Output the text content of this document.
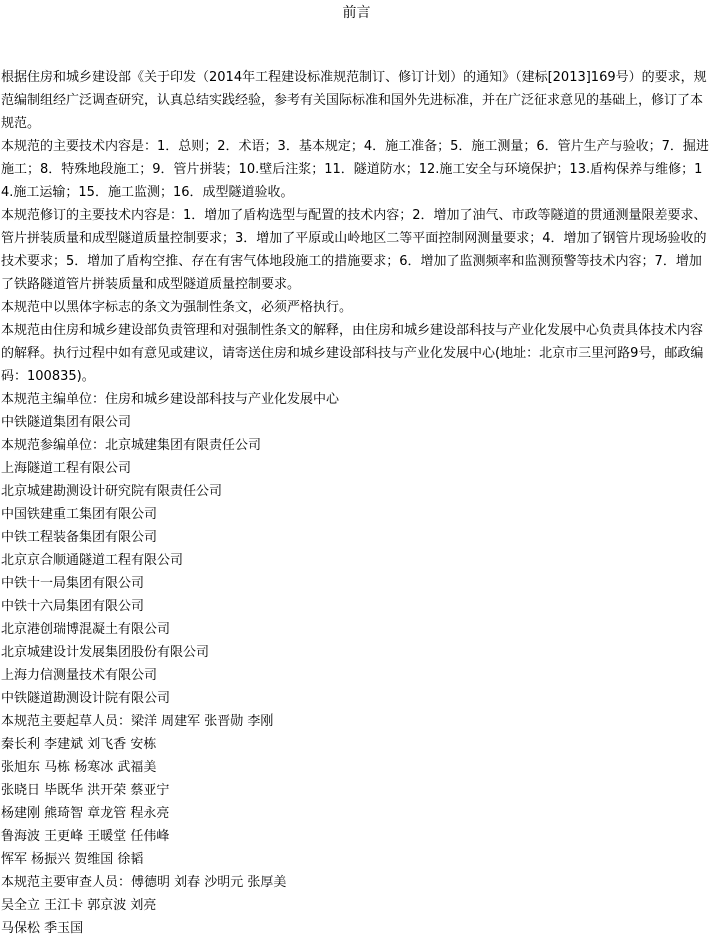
前言

根据住房和城乡建设部《关于印发（2014年工程建设标准规范制订、修订计划）的通知》（建标[2013]169号）的要求，规范编制组经广泛调查研究，认真总结实践经验，参考有关国际标准和国外先进标准，并在广泛征求意见的基础上，修订了本规范。

本规范的主要技术内容是：1．总则；2．术语；3．基本规定；4．施工准备；5．施工测量；6．管片生产与验收；7．掘进施工；8．特殊地段施工；9．管片拼装；10.壁后注浆；11．隧道防水；12.施工安全与环境保护；13.盾构保养与维修；14.施工运输；15．施工监测；16．成型隧道验收。

本规范修订的主要技术内容是：1．增加了盾构选型与配置的技术内容；2．增加了油气、市政等隧道的贯通测量限差要求、管片拼装质量和成型隧道质量控制要求；3．增加了平原或山岭地区二等平面控制网测量要求；4．增加了钢管片现场验收的技术要求；5．增加了盾构空推、存在有害气体地段施工的措施要求；6．增加了监测频率和监测预警等技术内容；7．增加了铁路隧道管片拼装质量和成型隧道质量控制要求。

本规范中以黑体字标志的条文为强制性条文，必须严格执行。

本规范由住房和城乡建设部负责管理和对强制性条文的解释，由住房和城乡建设部科技与产业化发展中心负责具体技术内容的解释。执行过程中如有意见或建议，请寄送住房和城乡建设部科技与产业化发展中心(地址：北京市三里河路9号，邮政编码：100835)。

本规范主编单位：住房和城乡建设部科技与产业化发展中心

中铁隧道集团有限公司

本规范参编单位：北京城建集团有限责任公司

上海隧道工程有限公司

北京城建勘测设计研究院有限责任公司

中国铁建重工集团有限公司

中铁工程装备集团有限公司

北京京合顺通隧道工程有限公司

中铁十一局集团有限公司

中铁十六局集团有限公司

北京港创瑞博混凝土有限公司

北京城建设计发展集团股份有限公司

上海力信测量技术有限公司

中铁隧道勘测设计院有限公司

本规范主要起草人员：梁洋 周建军 张晋勋 李刚

秦长利 李建斌 刘飞香 安栋

张旭东 马栋 杨寒冰 武福美

张晓日 毕既华 洪开荣 蔡亚宁

杨建刚 熊琦智 章龙管 程永亮

鲁海波 王更峰 王暖堂 任伟峰

恽军 杨振兴 贺维国 徐韬

本规范主要审查人员：傅德明 刘春 沙明元 张厚美

吴全立 王江卡 郭京波 刘亮

马保松 季玉国
